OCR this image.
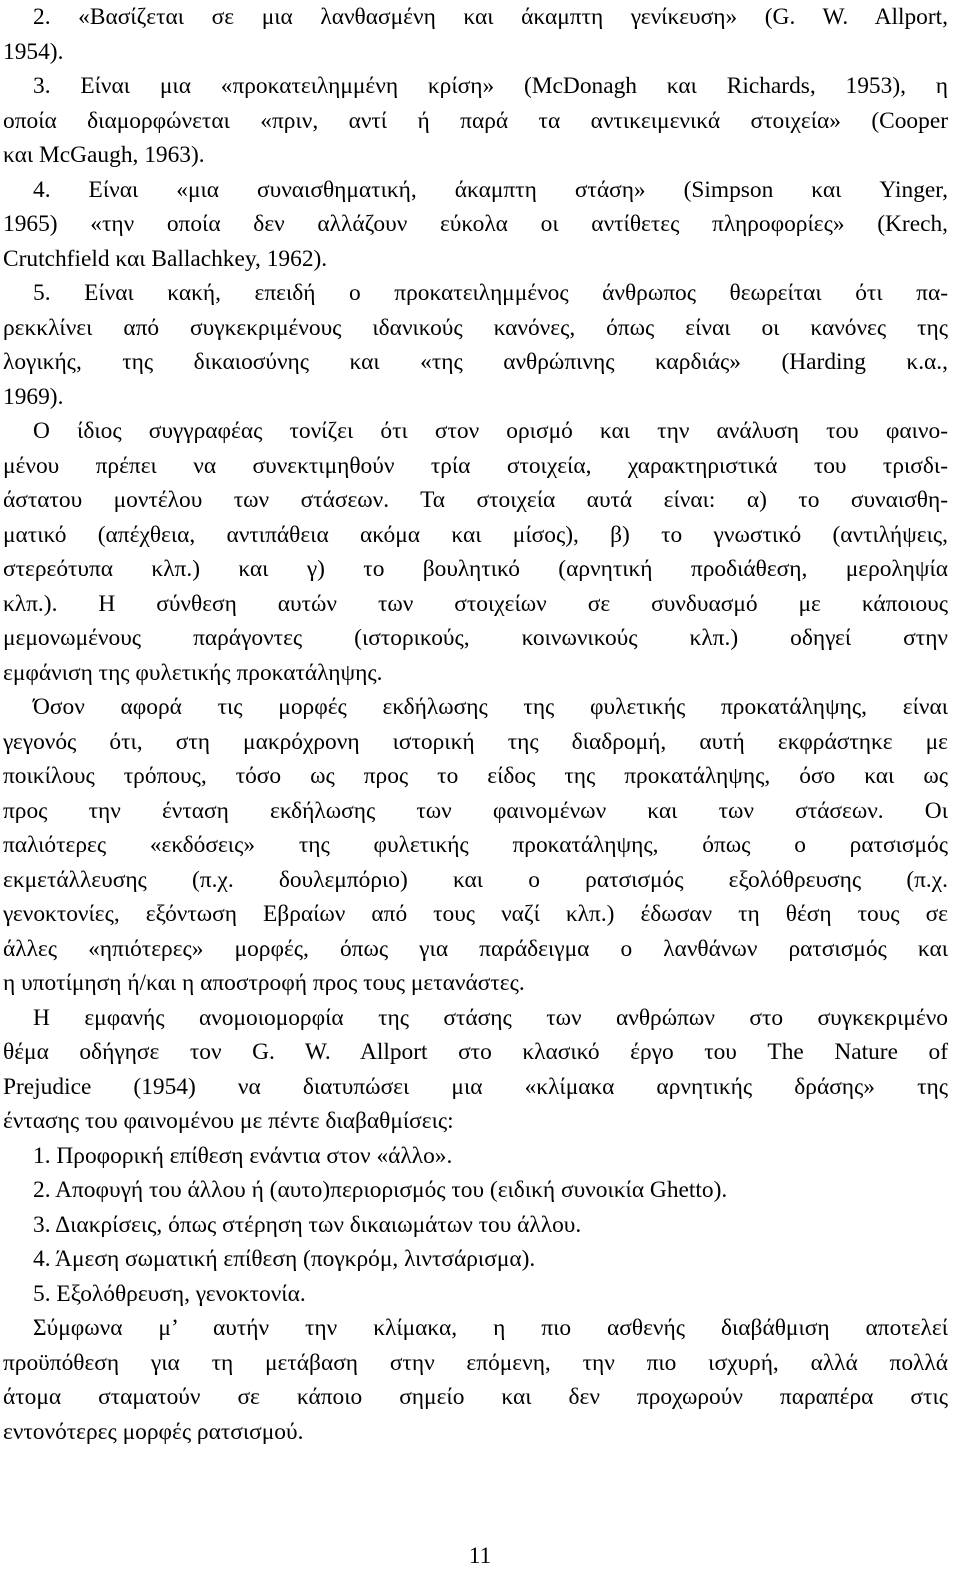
2. «Βασίζεται σε μια λανθασμένη και άκαμπτη γενίκευση» (G. W. Allport,
1954).
3. Είναι μια «προκατειλημμένη κρίση» (McDonagh και Richards, 1953), η
οποία διαμορφώνεται «πριν, αντί ή παρά τα αντικειμενικά στοιχεία» (Cooper
και McGaugh, 1963).
4. Είναι «μια συναισθηματική, άκαμπτη στάση» (Simpson και Yinger,
1965) «την οποία δεν αλλάζουν εύκολα οι αντίθετες πληροφορίες» (Krech,
Crutchfield και Ballachkey, 1962).
5. Είναι κακή, επειδή ο προκατειλημμένος άνθρωπος θεωρείται ότι πα-
ρεκκλίνει από συγκεκριμένους ιδανικούς κανόνες, όπως είναι οι κανόνες της
λογικής, της δικαιοσύνης και «της ανθρώπινης καρδιάς» (Harding κ.α.,
1969).
Ο ίδιος συγγραφέας τονίζει ότι στον ορισμό και την ανάλυση του φαινο-
μένου πρέπει να συνεκτιμηθούν τρία στοιχεία, χαρακτηριστικά του τρισδι-
άστατου μοντέλου των στάσεων. Τα στοιχεία αυτά είναι: α) το συναισθη-
ματικό (απέχθεια, αντιπάθεια ακόμα και μίσος), β) το γνωστικό (αντιλήψεις,
στερεότυπα κλπ.) και γ) το βουλητικό (αρνητική προδιάθεση, μεροληψία
κλπ.). Η σύνθεση αυτών των στοιχείων σε συνδυασμό με κάποιους
μεμονωμένους παράγοντες (ιστορικούς, κοινωνικούς κλπ.) οδηγεί στην
εμφάνιση της φυλετικής προκατάληψης.
Όσον αφορά τις μορφές εκδήλωσης της φυλετικής προκατάληψης, είναι
γεγονός ότι, στη μακρόχρονη ιστορική της διαδρομή, αυτή εκφράστηκε με
ποικίλους τρόπους, τόσο ως προς το είδος της προκατάληψης, όσο και ως
προς την ένταση εκδήλωσης των φαινομένων και των στάσεων. Οι
παλιότερες «εκδόσεις» της φυλετικής προκατάληψης, όπως ο ρατσισμός
εκμετάλλευσης (π.χ. δουλεμπόριο) και ο ρατσισμός εξολόθρευσης (π.χ.
γενοκτονίες, εξόντωση Εβραίων από τους ναζί κλπ.) έδωσαν τη θέση τους σε
άλλες «ηπιότερες» μορφές, όπως για παράδειγμα ο λανθάνων ρατσισμός και
η υποτίμηση ή/και η αποστροφή προς τους μετανάστες.
Η εμφανής ανομοιομορφία της στάσης των ανθρώπων στο συγκεκριμένο
θέμα οδήγησε τον G. W. Allport στο κλασικό έργο του The Nature of
Prejudice (1954) να διατυπώσει μια «κλίμακα αρνητικής δράσης» της
έντασης του φαινομένου με πέντε διαβαθμίσεις:
1. Προφορική επίθεση ενάντια στον «άλλο».
2. Αποφυγή του άλλου ή (αυτο)περιορισμός του (ειδική συνοικία Ghetto).
3. Διακρίσεις, όπως στέρηση των δικαιωμάτων του άλλου.
4. Άμεση σωματική επίθεση (πογκρόμ, λιντσάρισμα).
5. Εξολόθρευση, γενοκτονία.
Σύμφωνα μ’ αυτήν την κλίμακα, η πιο ασθενής διαβάθμιση αποτελεί
προϋπόθεση για τη μετάβαση στην επόμενη, την πιο ισχυρή, αλλά πολλά
άτομα σταματούν σε κάποιο σημείο και δεν προχωρούν παραπέρα στις
εντονότερες μορφές ρατσισμού.
11
